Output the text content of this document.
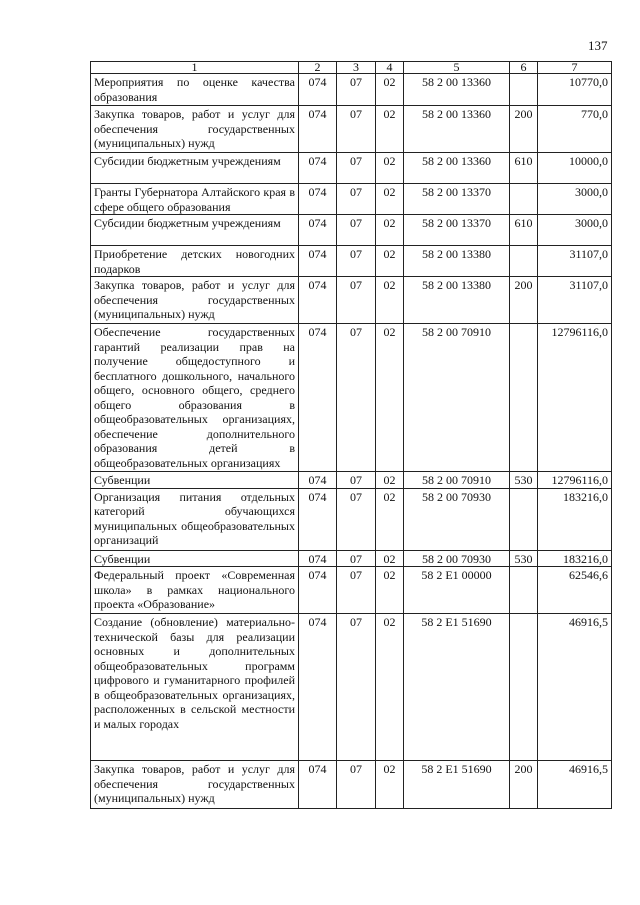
137
1	2	3	4	5	6	7
Мероприятия по оценке качества образования	074	07	02	58 2 00 13360		10770,0
Закупка товаров, работ и услуг для обеспечения государственных (муниципальных) нужд	074	07	02	58 2 00 13360	200	770,0
Субсидии бюджетным учреждениям	074	07	02	58 2 00 13360	610	10000,0
Гранты Губернатора Алтайского края в сфере общего образования	074	07	02	58 2 00 13370		3000,0
Субсидии бюджетным учреждениям	074	07	02	58 2 00 13370	610	3000,0
Приобретение детских новогодних подарков	074	07	02	58 2 00 13380		31107,0
Закупка товаров, работ и услуг для обеспечения государственных (муниципальных) нужд	074	07	02	58 2 00 13380	200	31107,0
Обеспечение государственных гарантий реализации прав на получение общедоступного и бесплатного дошкольного, начального общего, основного общего, среднего общего образования в общеобразовательных организациях, обеспечение дополнительного образования детей в общеобразовательных организациях	074	07	02	58 2 00 70910		12796116,0
Субвенции	074	07	02	58 2 00 70910	530	12796116,0
Организация питания отдельных категорий обучающихся муниципальных общеобразовательных организаций	074	07	02	58 2 00 70930		183216,0
Субвенции	074	07	02	58 2 00 70930	530	183216,0
Федеральный проект «Современная школа» в рамках национального проекта «Образование»	074	07	02	58 2 E1 00000		62546,6
Создание (обновление) материально-технической базы для реализации основных и дополнительных общеобразовательных программ цифрового и гуманитарного профилей в общеобразовательных организациях, расположенных в сельской местности и малых городах	074	07	02	58 2 E1 51690		46916,5
Закупка товаров, работ и услуг для обеспечения государственных (муниципальных) нужд	074	07	02	58 2 E1 51690	200	46916,5
